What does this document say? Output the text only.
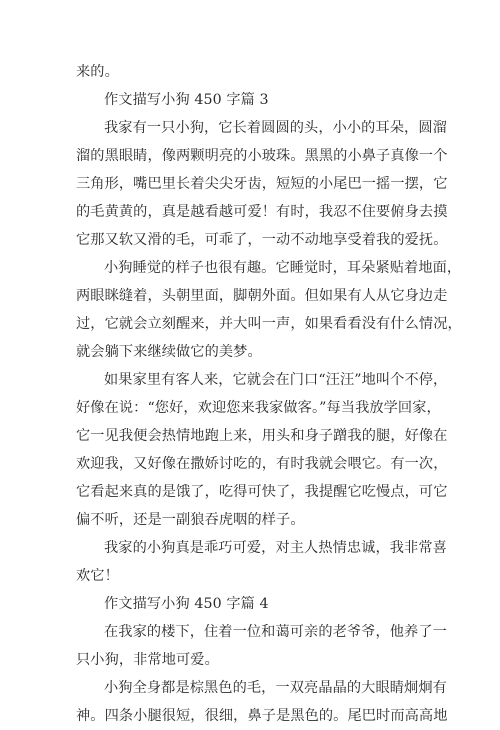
来的。
作文描写小狗 450 字篇 3
我家有一只小狗，它长着圆圆的头，小小的耳朵，圆溜
溜的黑眼睛，像两颗明亮的小玻珠。黑黑的小鼻子真像一个
三角形，嘴巴里长着尖尖牙齿，短短的小尾巴一摇一摆，它
的毛黄黄的，真是越看越可爱！有时，我忍不住要俯身去摸
它那又软又滑的毛，可乖了，一动不动地享受着我的爱抚。
小狗睡觉的样子也很有趣。它睡觉时，耳朵紧贴着地面，
两眼眯缝着，头朝里面，脚朝外面。但如果有人从它身边走
过，它就会立刻醒来，并大叫一声，如果看看没有什么情况，
就会躺下来继续做它的美梦。
如果家里有客人来，它就会在门口“汪汪”地叫个不停，
好像在说：“您好，欢迎您来我家做客。”每当我放学回家，
它一见我便会热情地跑上来，用头和身子蹭我的腿，好像在
欢迎我，又好像在撒娇讨吃的，有时我就会喂它。有一次，
它看起来真的是饿了，吃得可快了，我提醒它吃慢点，可它
偏不听，还是一副狼吞虎咽的样子。
我家的小狗真是乖巧可爱，对主人热情忠诚，我非常喜
欢它！
作文描写小狗 450 字篇 4
在我家的楼下，住着一位和蔼可亲的老爷爷，他养了一
只小狗，非常地可爱。
小狗全身都是棕黑色的毛，一双亮晶晶的大眼睛炯炯有
神。四条小腿很短，很细，鼻子是黑色的。尾巴时而高高地
